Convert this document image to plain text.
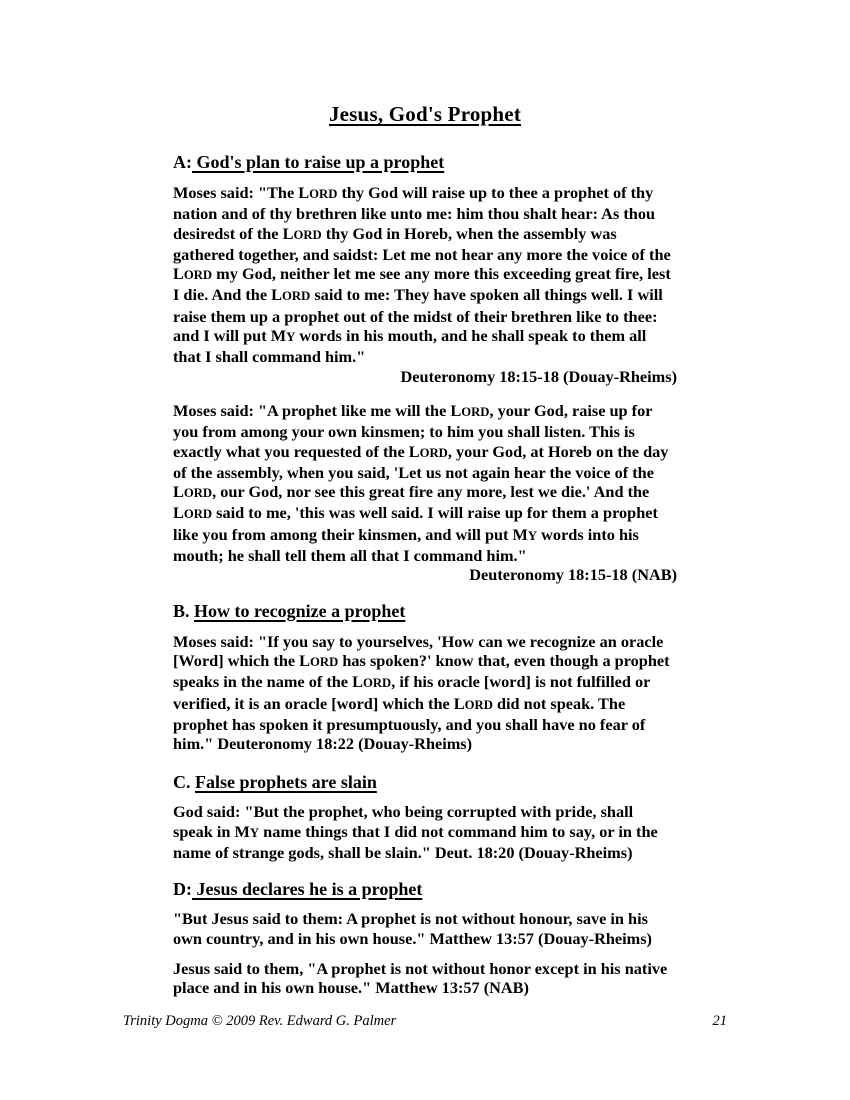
Jesus, God's Prophet
A: God's plan to raise up a prophet

Moses said: "The LORD thy God will raise up to thee a prophet of thy nation and of thy brethren like unto me: him thou shalt hear: As thou desiredst of the LORD thy God in Horeb, when the assembly was gathered together, and saidst: Let me not hear any more the voice of the LORD my God, neither let me see any more this exceeding great fire, lest I die. And the LORD said to me: They have spoken all things well. I will raise them up a prophet out of the midst of their brethren like to thee: and I will put MY words in his mouth, and he shall speak to them all that I shall command him."

Deuteronomy 18:15-18 (Douay-Rheims)

Moses said: "A prophet like me will the LORD, your God, raise up for you from among your own kinsmen; to him you shall listen. This is exactly what you requested of the LORD, your God, at Horeb on the day of the assembly, when you said, 'Let us not again hear the voice of the LORD, our God, nor see this great fire any more, lest we die.' And the LORD said to me, 'this was well said. I will raise up for them a prophet like you from among their kinsmen, and will put MY words into his mouth; he shall tell them all that I command him."

Deuteronomy 18:15-18 (NAB)

B. How to recognize a prophet

Moses said: "If you say to yourselves, 'How can we recognize an oracle [Word] which the LORD has spoken?' know that, even though a prophet speaks in the name of the LORD, if his oracle [word] is not fulfilled or verified, it is an oracle [word] which the LORD did not speak. The prophet has spoken it presumptuously, and you shall have no fear of him." Deuteronomy 18:22 (Douay-Rheims)

C. False prophets are slain

God said: "But the prophet, who being corrupted with pride, shall speak in MY name things that I did not command him to say, or in the name of strange gods, shall be slain." Deut. 18:20 (Douay-Rheims)

D: Jesus declares he is a prophet

"But Jesus said to them: A prophet is not without honour, save in his own country, and in his own house." Matthew 13:57 (Douay-Rheims)

Jesus said to them, "A prophet is not without honor except in his native place and in his own house." Matthew 13:57 (NAB)

Trinity Dogma © 2009 Rev. Edward G. Palmer	21
